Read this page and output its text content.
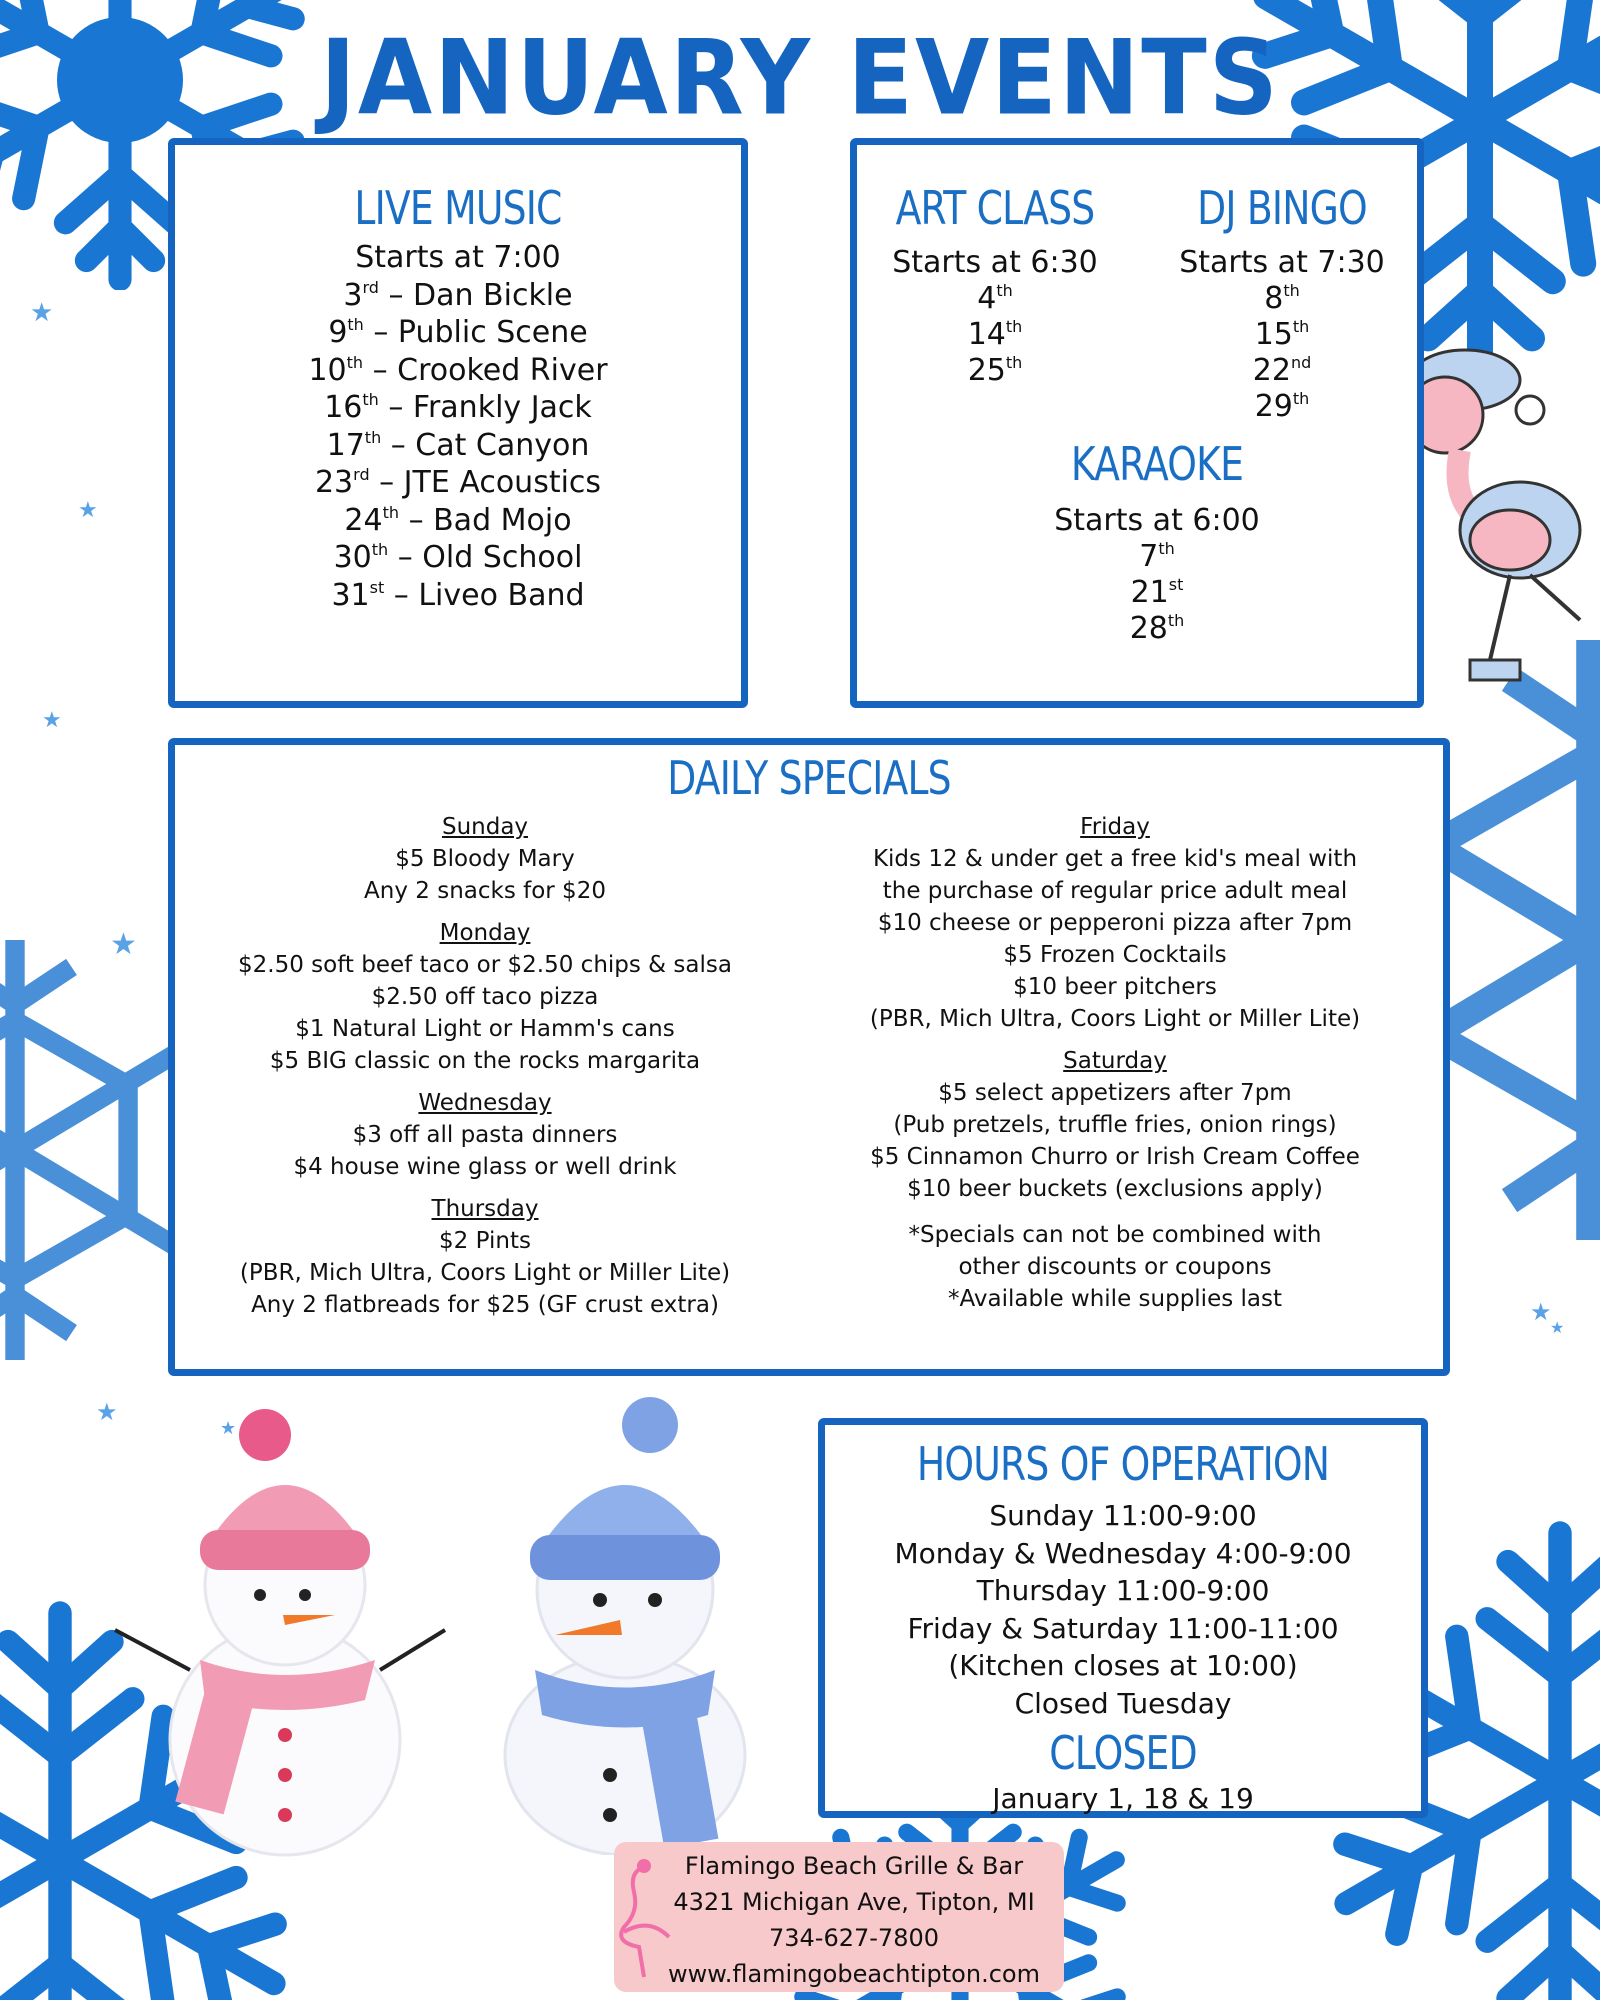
★
★
★
★
★
★
★
★
JANUARY EVENTS
LIVE MUSIC
Starts at 7:00
3rd – Dan Bickle
9th – Public Scene
10th – Crooked River
16th – Frankly Jack
17th – Cat Canyon
23rd – JTE Acoustics
24th – Bad Mojo
30th – Old School
31st – Liveo Band
ART CLASS
Starts at 6:30
4th
14th
25th
DJ BINGO
Starts at 7:30
8th
15th
22nd
29th
KARAOKE
Starts at 6:00
7th
21st
28th
DAILY SPECIALS
Sunday
$5 Bloody Mary
Any 2 snacks for $20
Monday
$2.50 soft beef taco or $2.50 chips & salsa
$2.50 off taco pizza
$1 Natural Light or Hamm's cans
$5 BIG classic on the rocks margarita
Wednesday
$3 off all pasta dinners
$4 house wine glass or well drink
Thursday
$2 Pints
(PBR, Mich Ultra, Coors Light or Miller Lite)
Any 2 flatbreads for $25 (GF crust extra)
Friday
Kids 12 & under get a free kid's meal with
the purchase of regular price adult meal
$10 cheese or pepperoni pizza after 7pm
$5 Frozen Cocktails
$10 beer pitchers
(PBR, Mich Ultra, Coors Light or Miller Lite)
Saturday
$5 select appetizers after 7pm
(Pub pretzels, truffle fries, onion rings)
$5 Cinnamon Churro or Irish Cream Coffee
$10 beer buckets (exclusions apply)
*Specials can not be combined with
other discounts or coupons
*Available while supplies last
HOURS OF OPERATION
Sunday 11:00-9:00
Monday & Wednesday 4:00-9:00
Thursday 11:00-9:00
Friday & Saturday 11:00-11:00
(Kitchen closes at 10:00)
Closed Tuesday
CLOSED
January 1, 18 & 19
Flamingo Beach Grille & Bar
4321 Michigan Ave, Tipton, MI
734-627-7800
www.flamingobeachtipton.com
